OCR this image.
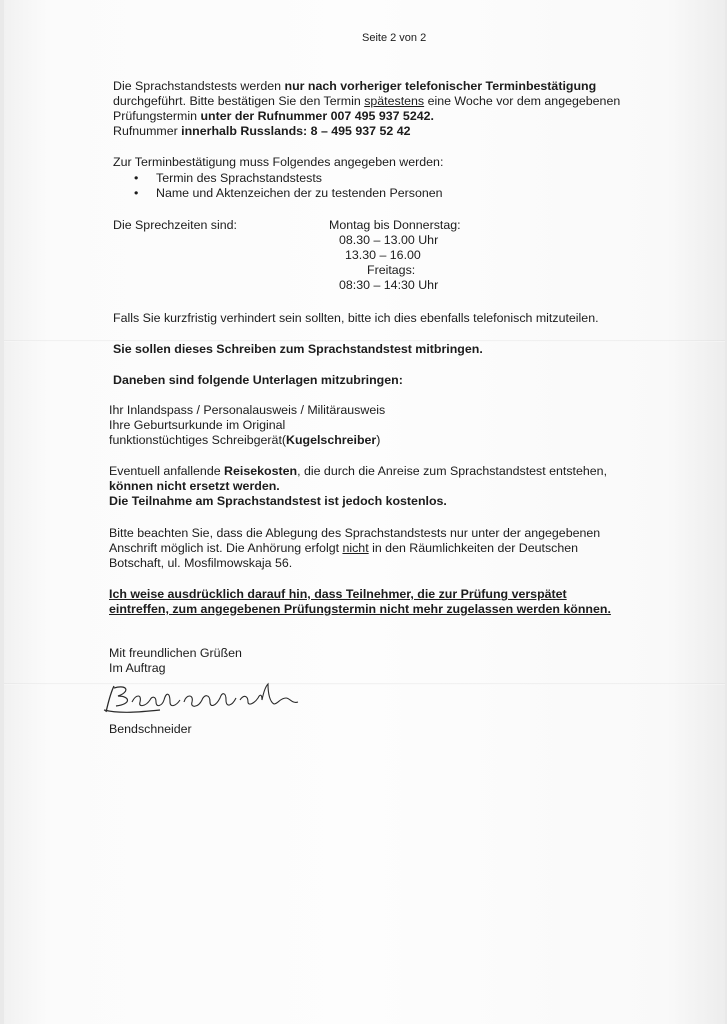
Seite 2 von 2
Die Sprachstandstests werden nur nach vorheriger telefonischer Terminbestätigung
durchgeführt. Bitte bestätigen Sie den Termin spätestens eine Woche vor dem angegebenen
Prüfungstermin unter der Rufnummer 007 495 937 5242.
Rufnummer innerhalb Russlands: 8 – 495 937 52 42
Zur Terminbestätigung muss Folgendes angegeben werden:
• Termin des Sprachstandstests
• Name und Aktenzeichen der zu testenden Personen
Die Sprechzeiten sind:	Montag bis Donnerstag:
08.30 – 13.00 Uhr
13.30 – 16.00
Freitags:
08:30 – 14:30 Uhr
Falls Sie kurzfristig verhindert sein sollten, bitte ich dies ebenfalls telefonisch mitzuteilen.
Sie sollen dieses Schreiben zum Sprachstandstest mitbringen.
Daneben sind folgende Unterlagen mitzubringen:
Ihr Inlandspass / Personalausweis / Militärausweis
Ihre Geburtsurkunde im Original
funktionstüchtiges Schreibgerät(Kugelschreiber)
Eventuell anfallende Reisekosten, die durch die Anreise zum Sprachstandstest entstehen,
können nicht ersetzt werden.
Die Teilnahme am Sprachstandstest ist jedoch kostenlos.
Bitte beachten Sie, dass die Ablegung des Sprachstandstests nur unter der angegebenen
Anschrift möglich ist. Die Anhörung erfolgt nicht in den Räumlichkeiten der Deutschen
Botschaft, ul. Mosfilmowskaja 56.
Ich weise ausdrücklich darauf hin, dass Teilnehmer, die zur Prüfung verspätet
eintreffen, zum angegebenen Prüfungstermin nicht mehr zugelassen werden können.
Mit freundlichen Grüßen
Im Auftrag
Bendschneider
